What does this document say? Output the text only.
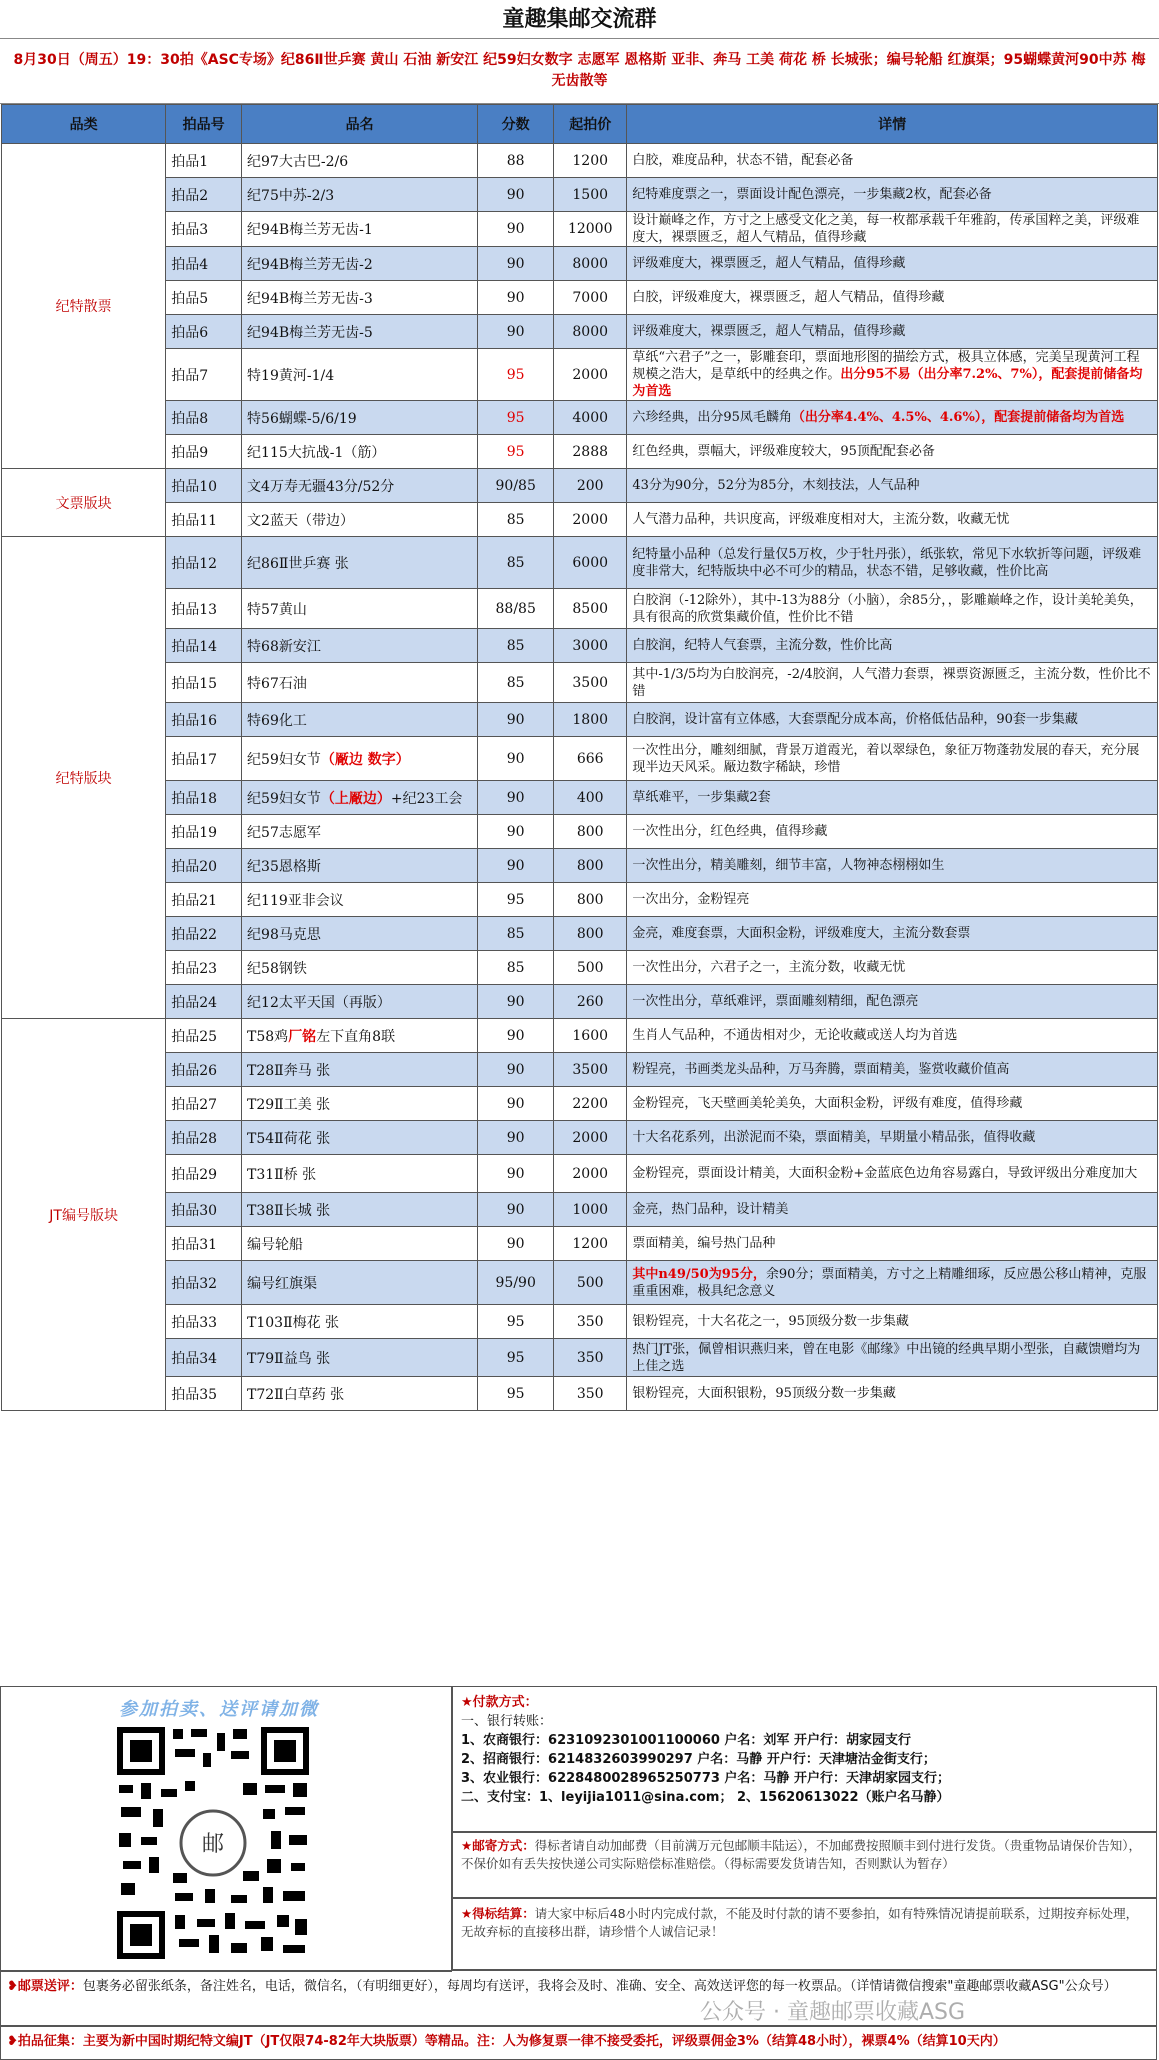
童趣集邮交流群
8月30日（周五）19：30拍《ASC专场》纪86Ⅱ世乒赛 黄山 石油 新安江 纪59妇女数字 志愿军 恩格斯 亚非、奔马 工美 荷花 桥 长城张；编号轮船 红旗渠；95蝴蝶黄河90中苏 梅无齿散等
品类	拍品号	品名	分数	起拍价	详情
纪特散票	拍品1	纪97大古巴-2/6	88	1200	白胶，难度品种，状态不错，配套必备
	拍品2	纪75中苏-2/3	90	1500	纪特难度票之一，票面设计配色漂亮，一步集藏2枚，配套必备
	拍品3	纪94B梅兰芳无齿-1	90	12000	设计巅峰之作，方寸之上感受文化之美，每一枚都承载千年雅韵，传承国粹之美，评级难度大，裸票匮乏，超人气精品，值得珍藏
	拍品4	纪94B梅兰芳无齿-2	90	8000	评级难度大，裸票匮乏，超人气精品，值得珍藏
	拍品5	纪94B梅兰芳无齿-3	90	7000	白胶，评级难度大，裸票匮乏，超人气精品，值得珍藏
	拍品6	纪94B梅兰芳无齿-5	90	8000	评级难度大，裸票匮乏，超人气精品，值得珍藏
	拍品7	特19黄河-1/4	95	2000	草纸“六君子”之一，影雕套印，票面地形图的描绘方式，极具立体感，完美呈现黄河工程规模之浩大，是草纸中的经典之作。出分95不易（出分率7.2%、7%），配套提前储备均为首选
	拍品8	特56蝴蝶-5/6/19	95	4000	六珍经典，出分95凤毛麟角（出分率4.4%、4.5%、4.6%），配套提前储备均为首选
	拍品9	纪115大抗战-1（筋）	95	2888	红色经典，票幅大，评级难度较大，95顶配配套必备
文票版块	拍品10	文4万寿无疆43分/52分	90/85	200	43分为90分，52分为85分，木刻技法，人气品种
	拍品11	文2蓝天（带边）	85	2000	人气潜力品种，共识度高，评级难度相对大，主流分数，收藏无忧
纪特版块	拍品12	纪86Ⅱ世乒赛 张	85	6000	纪特量小品种（总发行量仅5万枚，少于牡丹张），纸张软，常见下水软折等问题，评级难度非常大，纪特版块中必不可少的精品，状态不错，足够收藏，性价比高
	拍品13	特57黄山	88/85	8500	白胶润（-12除外），其中-13为88分（小脑），余85分，，影雕巅峰之作，设计美轮美奂，具有很高的欣赏集藏价值，性价比不错
	拍品14	特68新安江	85	3000	白胶润，纪特人气套票，主流分数，性价比高
	拍品15	特67石油	85	3500	其中-1/3/5均为白胶润亮，-2/4胶润，人气潜力套票，裸票资源匮乏，主流分数，性价比不错
	拍品16	特69化工	90	1800	白胶润，设计富有立体感，大套票配分成本高，价格低估品种，90套一步集藏
	拍品17	纪59妇女节（厰边 数字）	90	666	一次性出分，雕刻细腻，背景万道霞光，着以翠绿色，象征万物蓬勃发展的春天，充分展现半边天风采。厰边数字稀缺，珍惜
	拍品18	纪59妇女节（上厰边）+纪23工会	90	400	草纸难平，一步集藏2套
	拍品19	纪57志愿军	90	800	一次性出分，红色经典，值得珍藏
	拍品20	纪35恩格斯	90	800	一次性出分，精美雕刻，细节丰富，人物神态栩栩如生
	拍品21	纪119亚非会议	95	800	一次出分，金粉锃亮
	拍品22	纪98马克思	85	800	金亮，难度套票，大面积金粉，评级难度大，主流分数套票
	拍品23	纪58钢铁	85	500	一次性出分，六君子之一，主流分数，收藏无忧
	拍品24	纪12太平天国（再版）	90	260	一次性出分，草纸难评，票面雕刻精细，配色漂亮
JT编号版块	拍品25	T58鸡厂铭左下直角8联	90	1600	生肖人气品种，不通齿相对少，无论收藏或送人均为首选
	拍品26	T28Ⅱ奔马 张	90	3500	粉锃亮，书画类龙头品种，万马奔腾，票面精美，鉴赏收藏价值高
	拍品27	T29Ⅱ工美 张	90	2200	金粉锃亮，飞天壁画美轮美奂，大面积金粉，评级有难度，值得珍藏
	拍品28	T54Ⅱ荷花 张	90	2000	十大名花系列，出淤泥而不染，票面精美，早期量小精品张，值得收藏
	拍品29	T31Ⅱ桥 张	90	2000	金粉锃亮，票面设计精美，大面积金粉+金蓝底色边角容易露白，导致评级出分难度加大
	拍品30	T38Ⅱ长城 张	90	1000	金亮，热门品种，设计精美
	拍品31	编号轮船	90	1200	票面精美，编号热门品种
	拍品32	编号红旗渠	95/90	500	其中n49/50为95分，余90分；票面精美，方寸之上精雕细琢，反应愚公移山精神，克服重重困难，极具纪念意义
	拍品33	T103Ⅱ梅花 张	95	350	银粉锃亮，十大名花之一，95顶级分数一步集藏
	拍品34	T79Ⅱ益鸟 张	95	350	热门JT张，佩曾相识燕归来，曾在电影《邮缘》中出镜的经典早期小型张，自藏馈赠均为上佳之选
	拍品35	T72Ⅱ白草药 张	95	350	银粉锃亮，大面积银粉，95顶级分数一步集藏
参加拍卖、送评请加微
邮
★付款方式：
一、银行转账：
1、农商银行：6231092301001100060 户名：刘军 开户行：胡家园支行
2、招商银行：6214832603990297 户名：马静 开户行：天津塘沽金街支行；
3、农业银行：6228480028965250773 户名：马静 开户行：天津胡家园支行；
二、支付宝：1、leyijia1011@sina.com； 2、15620613022（账户名马静）
★邮寄方式：得标者请自动加邮费（目前满万元包邮顺丰陆运），不加邮费按照顺丰到付进行发货。（贵重物品请保价告知），不保价如有丢失按快递公司实际赔偿标准赔偿。（得标需要发货请告知，否则默认为暂存）
★得标结算：请大家中标后48小时内完成付款，不能及时付款的请不要参拍，如有特殊情况请提前联系，过期按弃标处理，无故弃标的直接移出群，请珍惜个人诚信记录！
❥邮票送评：包裹务必留张纸条，备注姓名，电话，微信名，（有明细更好），每周均有送评，我将会及时、准确、安全、高效送评您的每一枚票品。（详情请微信搜索"童趣邮票收藏ASG"公众号）
❥拍品征集：主要为新中国时期纪特文编JT（JT仅限74-82年大块版票）等精品。注：人为修复票一律不接受委托，评级票佣金3%（结算48小时），裸票4%（结算10天内）
公众号 · 童趣邮票收藏ASG
